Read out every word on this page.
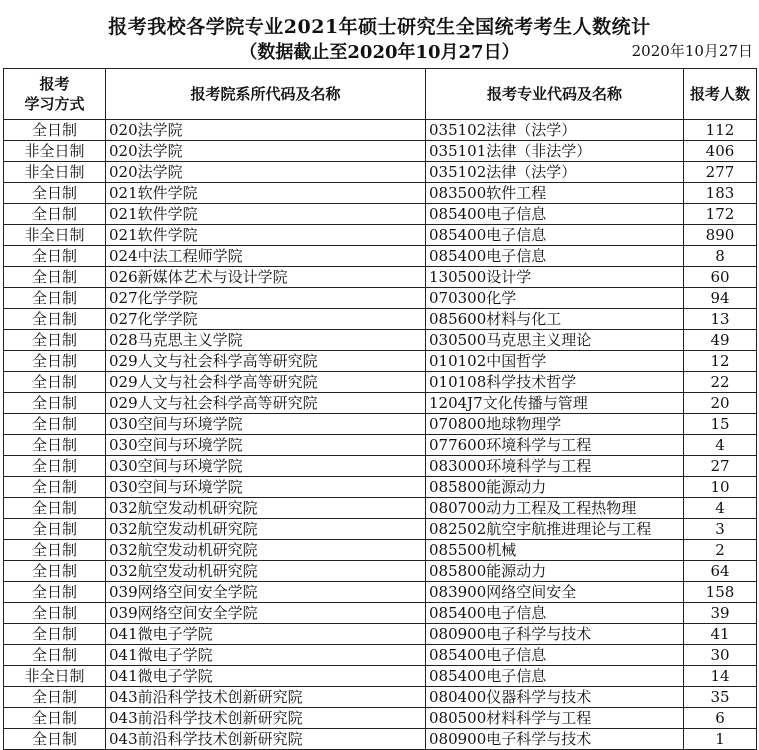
报考我校各学院专业2021年硕士研究生全国统考考生人数统计
（数据截止至2020年10月27日）	2020年10月27日
报考
学习方式	报考院系所代码及名称	报考专业代码及名称	报考人数
全日制	020法学院	035102法律（法学）	112
非全日制	020法学院	035101法律（非法学）	406
非全日制	020法学院	035102法律（法学）	277
全日制	021软件学院	083500软件工程	183
全日制	021软件学院	085400电子信息	172
非全日制	021软件学院	085400电子信息	890
全日制	024中法工程师学院	085400电子信息	8
全日制	026新媒体艺术与设计学院	130500设计学	60
全日制	027化学学院	070300化学	94
全日制	027化学学院	085600材料与化工	13
全日制	028马克思主义学院	030500马克思主义理论	49
全日制	029人文与社会科学高等研究院	010102中国哲学	12
全日制	029人文与社会科学高等研究院	010108科学技术哲学	22
全日制	029人文与社会科学高等研究院	1204J7文化传播与管理	20
全日制	030空间与环境学院	070800地球物理学	15
全日制	030空间与环境学院	077600环境科学与工程	4
全日制	030空间与环境学院	083000环境科学与工程	27
全日制	030空间与环境学院	085800能源动力	10
全日制	032航空发动机研究院	080700动力工程及工程热物理	4
全日制	032航空发动机研究院	082502航空宇航推进理论与工程	3
全日制	032航空发动机研究院	085500机械	2
全日制	032航空发动机研究院	085800能源动力	64
全日制	039网络空间安全学院	083900网络空间安全	158
全日制	039网络空间安全学院	085400电子信息	39
全日制	041微电子学院	080900电子科学与技术	41
全日制	041微电子学院	085400电子信息	30
非全日制	041微电子学院	085400电子信息	14
全日制	043前沿科学技术创新研究院	080400仪器科学与技术	35
全日制	043前沿科学技术创新研究院	080500材料科学与工程	6
全日制	043前沿科学技术创新研究院	080900电子科学与技术	1
